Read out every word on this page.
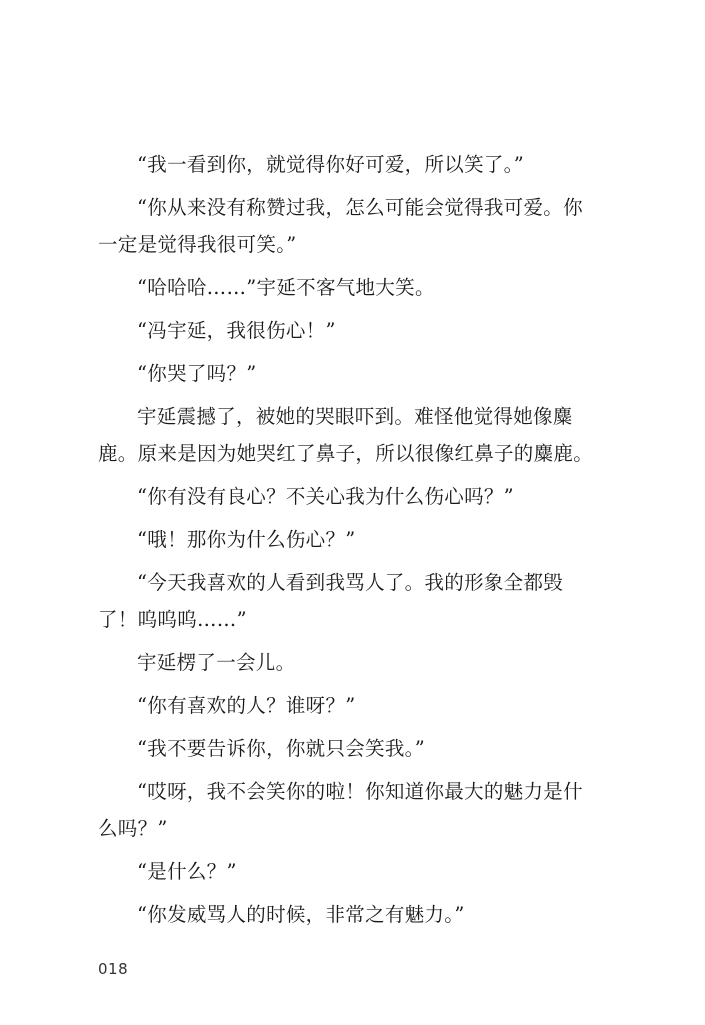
“我一看到你，就觉得你好可爱，所以笑了。”

“你从来没有称赞过我，怎么可能会觉得我可爱。你一定是觉得我很可笑。”

“哈哈哈……”宇延不客气地大笑。

“冯宇延，我很伤心！”

“你哭了吗？”

宇延震撼了，被她的哭眼吓到。难怪他觉得她像麋鹿。原来是因为她哭红了鼻子，所以很像红鼻子的麋鹿。

“你有没有良心？不关心我为什么伤心吗？”

“哦！那你为什么伤心？”

“今天我喜欢的人看到我骂人了。我的形象全都毁了！呜呜呜……”

宇延楞了一会儿。

“你有喜欢的人？谁呀？”

“我不要告诉你，你就只会笑我。”

“哎呀，我不会笑你的啦！你知道你最大的魅力是什么吗？”

“是什么？”

“你发威骂人的时候，非常之有魅力。”

018
